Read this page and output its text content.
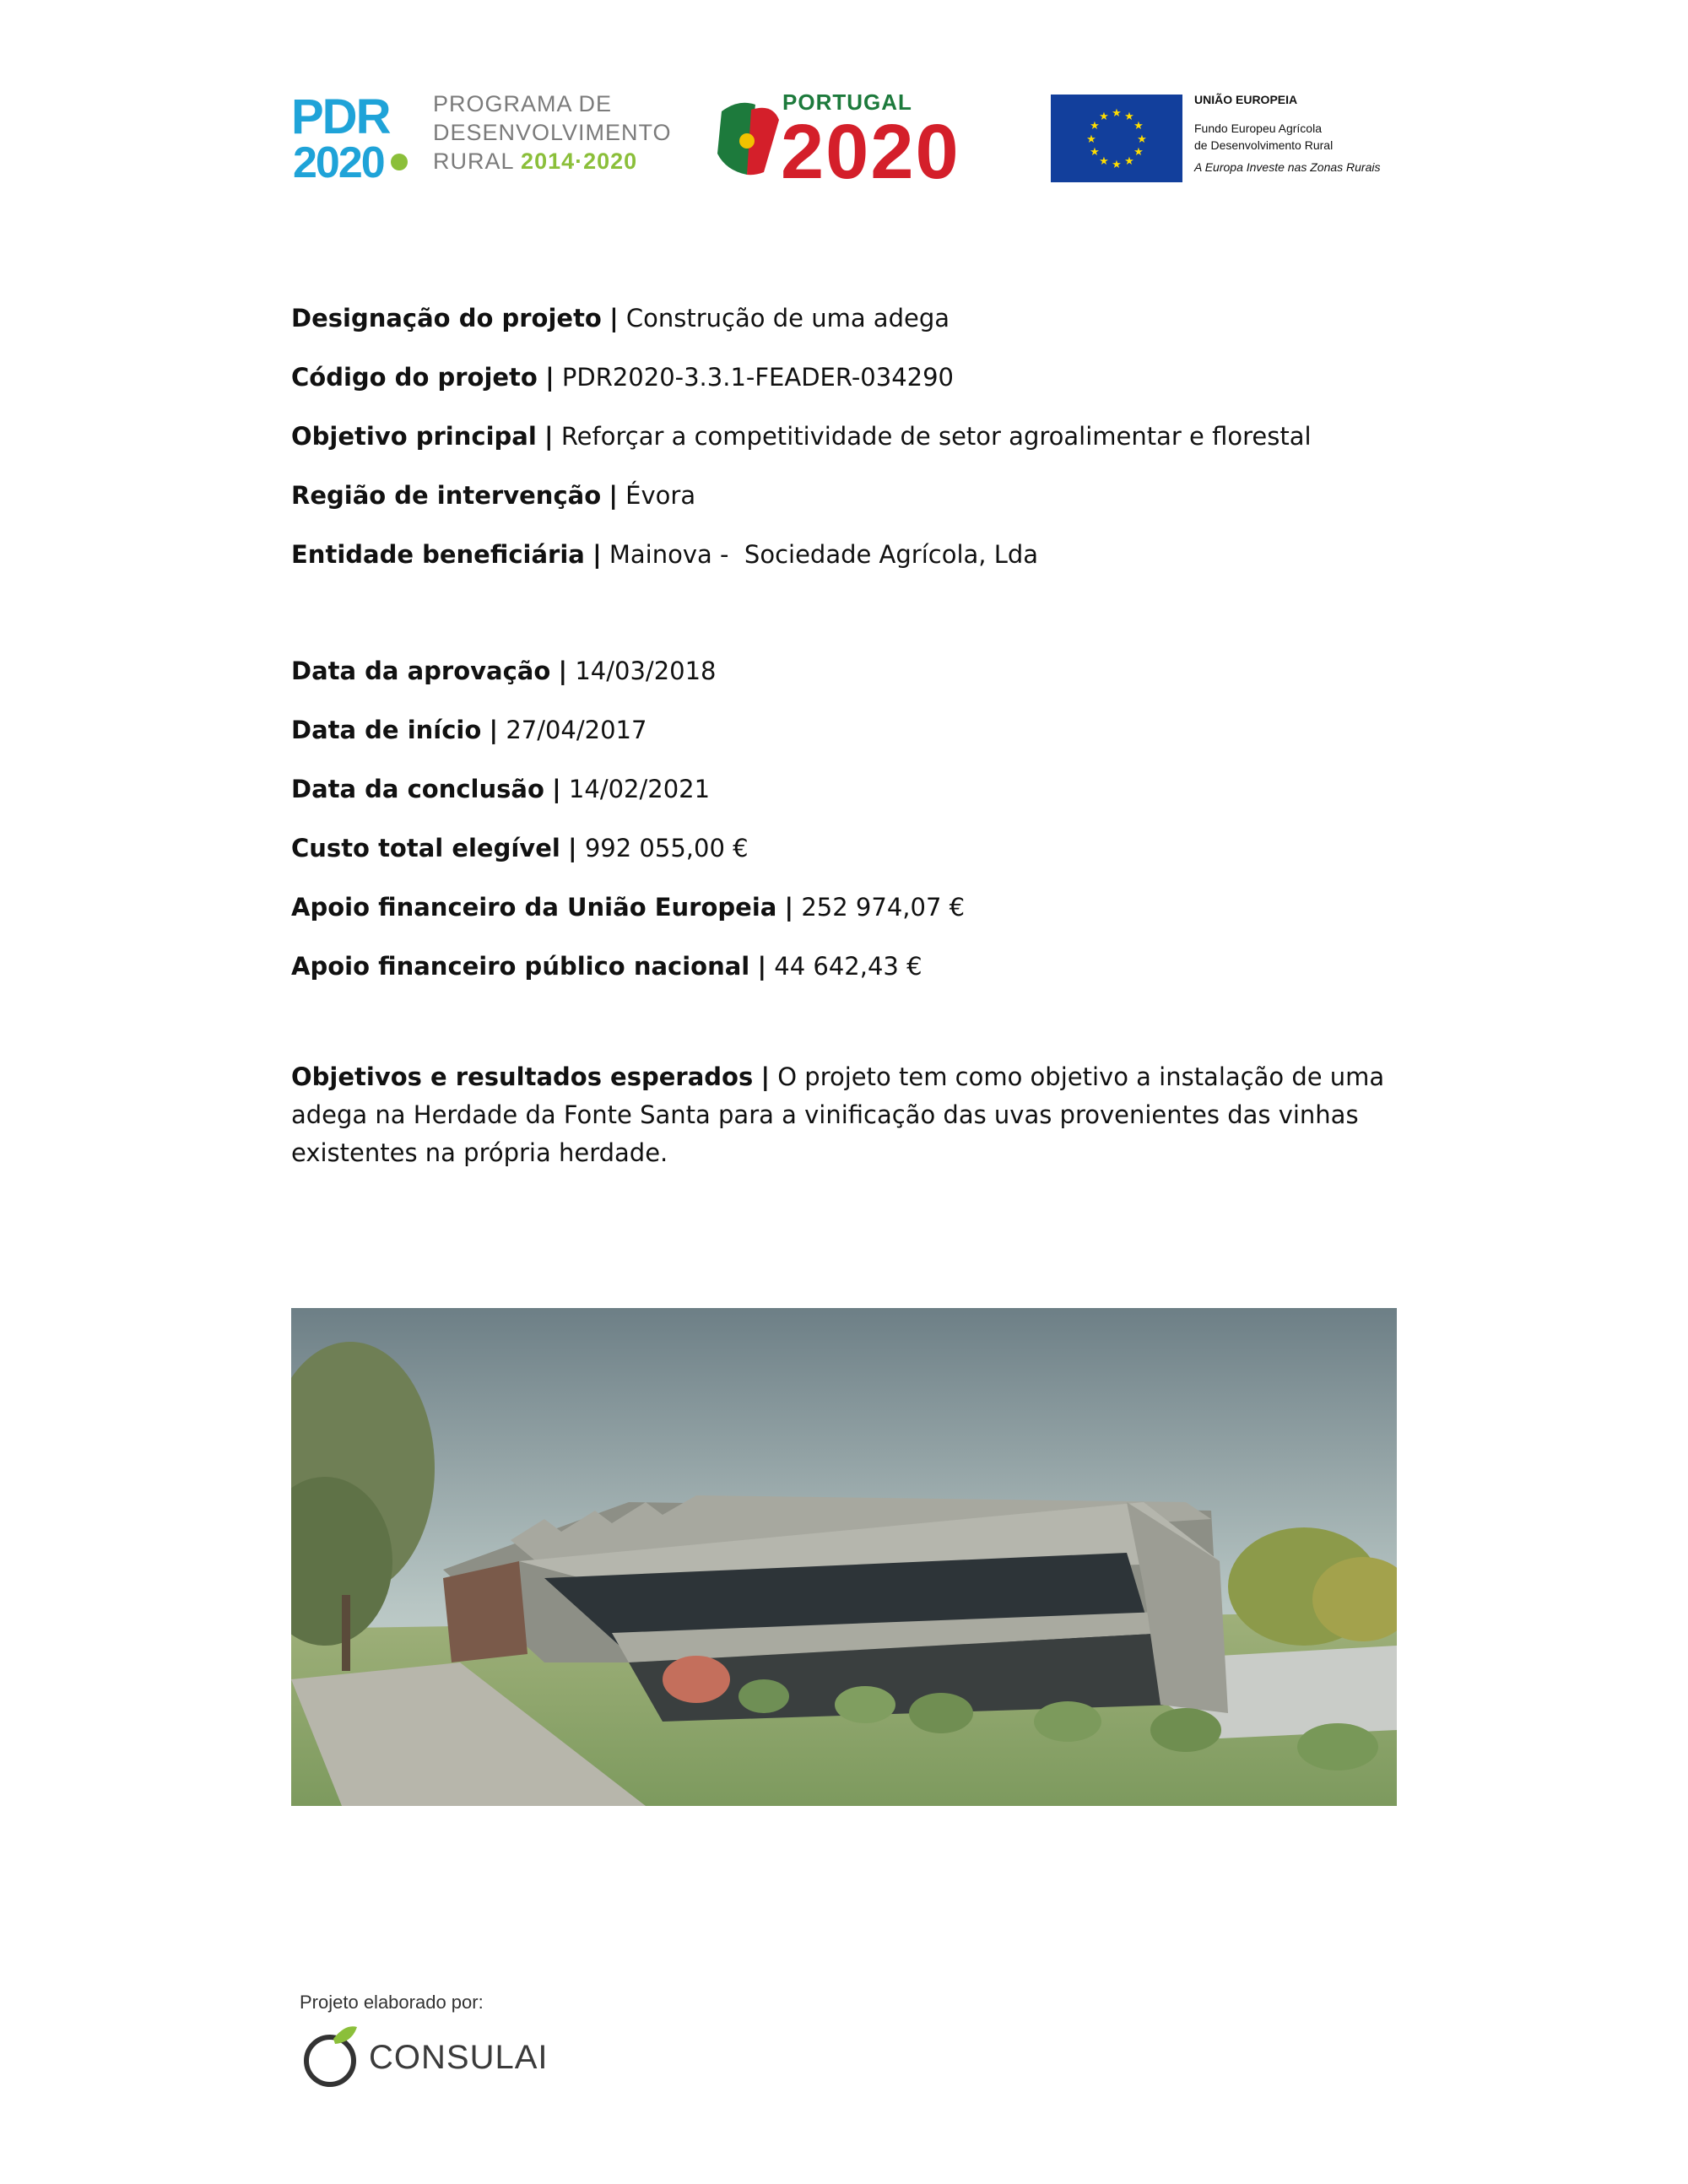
PDR
2020
PROGRAMA DE
DESENVOLVIMENTO
RURAL 2014·2020
PORTUGAL
2020	★ ★
★
★
★
★
★
★
★
★
★
★
UNIÃO EUROPEIA
Fundo Europeu Agrícola
de Desenvolvimento Rural
A Europa Investe nas Zonas Rurais
Designação do projeto | Construção de uma adega
Código do projeto | PDR2020-3.3.1-FEADER-034290
Objetivo principal | Reforçar a competitividade de setor agroalimentar e florestal
Região de intervenção | Évora
Entidade beneficiária | Mainova -  Sociedade Agrícola, Lda
Data da aprovação | 14/03/2018
Data de início | 27/04/2017
Data da conclusão | 14/02/2021
Custo total elegível | 992 055,00 €
Apoio financeiro da União Europeia | 252 974,07 €
Apoio financeiro público nacional | 44 642,43 €
Objetivos e resultados esperados | O projeto tem como objetivo a instalação de uma adega na Herdade da Fonte Santa para a vinificação das uvas provenientes das vinhas existentes na própria herdade.
Projeto elaborado por:
CONSULAI
